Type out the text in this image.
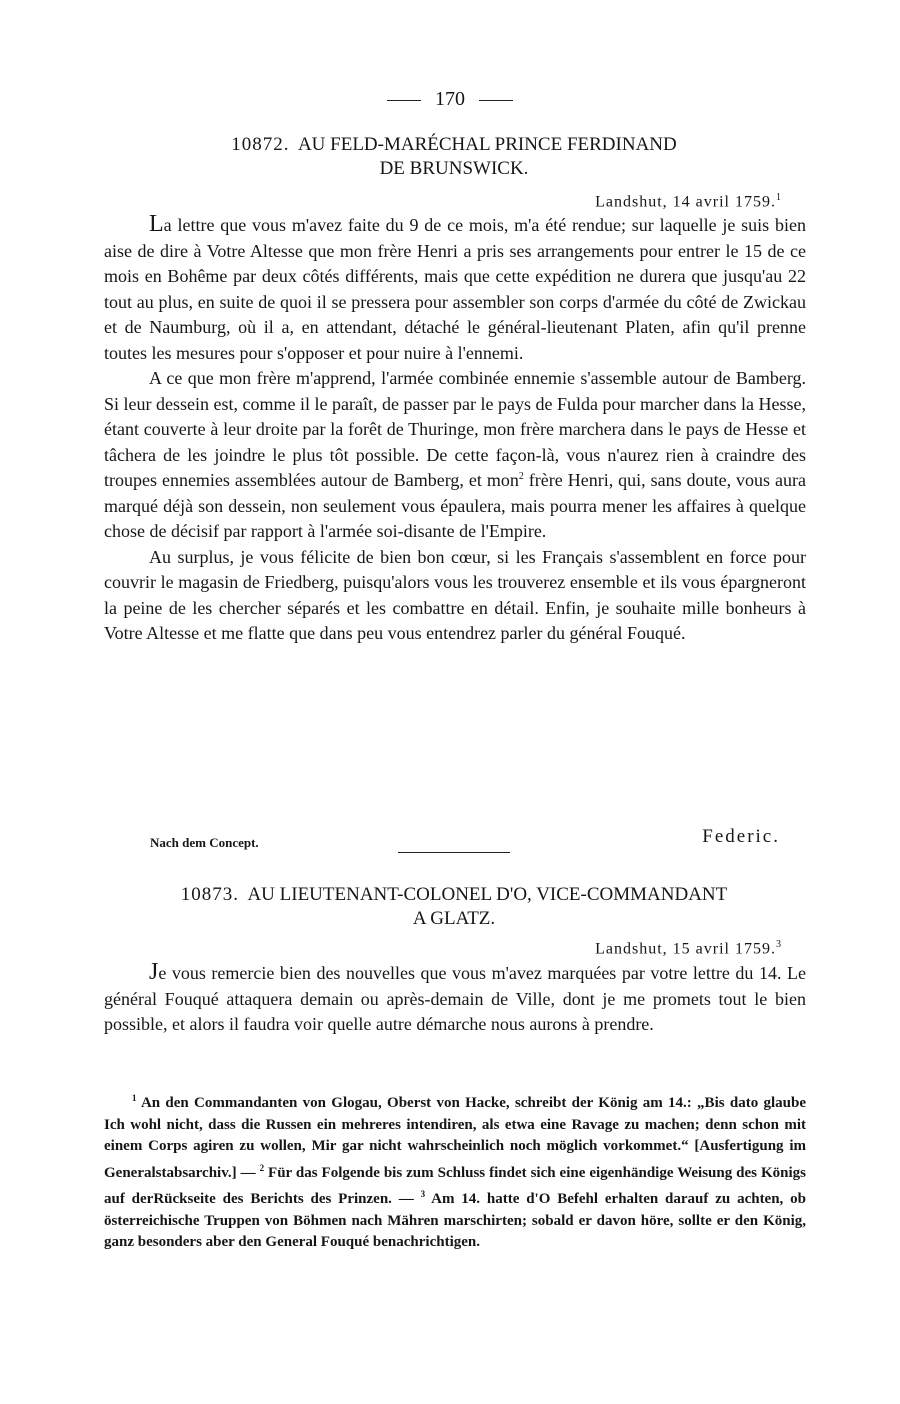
170
10872. AU FELD-MARÉCHAL PRINCE FERDINAND
DE BRUNSWICK.
Landshut, 14 avril 1759.$^1$

La lettre que vous m'avez faite du 9 de ce mois, m'a été rendue; sur laquelle je suis bien aise de dire à Votre Altesse que mon frère Henri a pris ses arrangements pour entrer le 15 de ce mois en Bohême par deux côtés différents, mais que cette expédition ne durera que jusqu'au 22 tout au plus, en suite de quoi il se pressera pour assembler son corps d'armée du côté de Zwickau et de Naumburg, où il a, en attendant, détaché le général-lieutenant Platen, afin qu'il prenne toutes les mesures pour s'opposer et pour nuire à l'ennemi.

A ce que mon frère m'apprend, l'armée combinée ennemie s'assemble autour de Bamberg. Si leur dessein est, comme il le paraît, de passer par le pays de Fulda pour marcher dans la Hesse, étant couverte à leur droite par la forêt de Thuringe, mon frère marchera dans le pays de Hesse et tâchera de les joindre le plus tôt possible. De cette façon-là, vous n'aurez rien à craindre des troupes ennemies assemblées autour de Bamberg, et mon$^2$ frère Henri, qui, sans doute, vous aura marqué déjà son dessein, non seulement vous épaulera, mais pourra mener les affaires à quelque chose de décisif par rapport à l'armée soi-disante de l'Empire.

Au surplus, je vous félicite de bien bon cœur, si les Français s'assemblent en force pour couvrir le magasin de Friedberg, puisqu'alors vous les trouverez ensemble et ils vous épargneront la peine de les chercher séparés et les combattre en détail. Enfin, je souhaite mille bonheurs à Votre Altesse et me flatte que dans peu vous entendrez parler du général Fouqué.

Nach dem Concept.	Federic.
10873. AU LIEUTENANT-COLONEL D'O, VICE-COMMANDANT
A GLATZ.
Landshut, 15 avril 1759.$^3$

Je vous remercie bien des nouvelles que vous m'avez marquées par votre lettre du 14. Le général Fouqué attaquera demain ou après-demain de Ville, dont je me promets tout le bien possible, et alors il faudra voir quelle autre démarche nous aurons à prendre.

$^1$ An den Commandanten von Glogau, Oberst von Hacke, schreibt der König am 14.: „Bis dato glaube Ich wohl nicht, dass die Russen ein mehreres intendiren, als etwa eine Ravage zu machen; denn schon mit einem Corps agiren zu wollen, Mir gar nicht wahrscheinlich noch möglich vorkommet.“ [Ausfertigung im Generalstabsarchiv.] — $^2$ Für das Folgende bis zum Schluss findet sich eine eigenhändige Weisung des Königs auf derRückseite des Berichts des Prinzen. — $^3$ Am 14. hatte d'O Befehl erhalten darauf zu achten, ob österreichische Truppen von Böhmen nach Mähren marschirten; sobald er davon höre, sollte er den König, ganz besonders aber den General Fouqué benachrichtigen.
